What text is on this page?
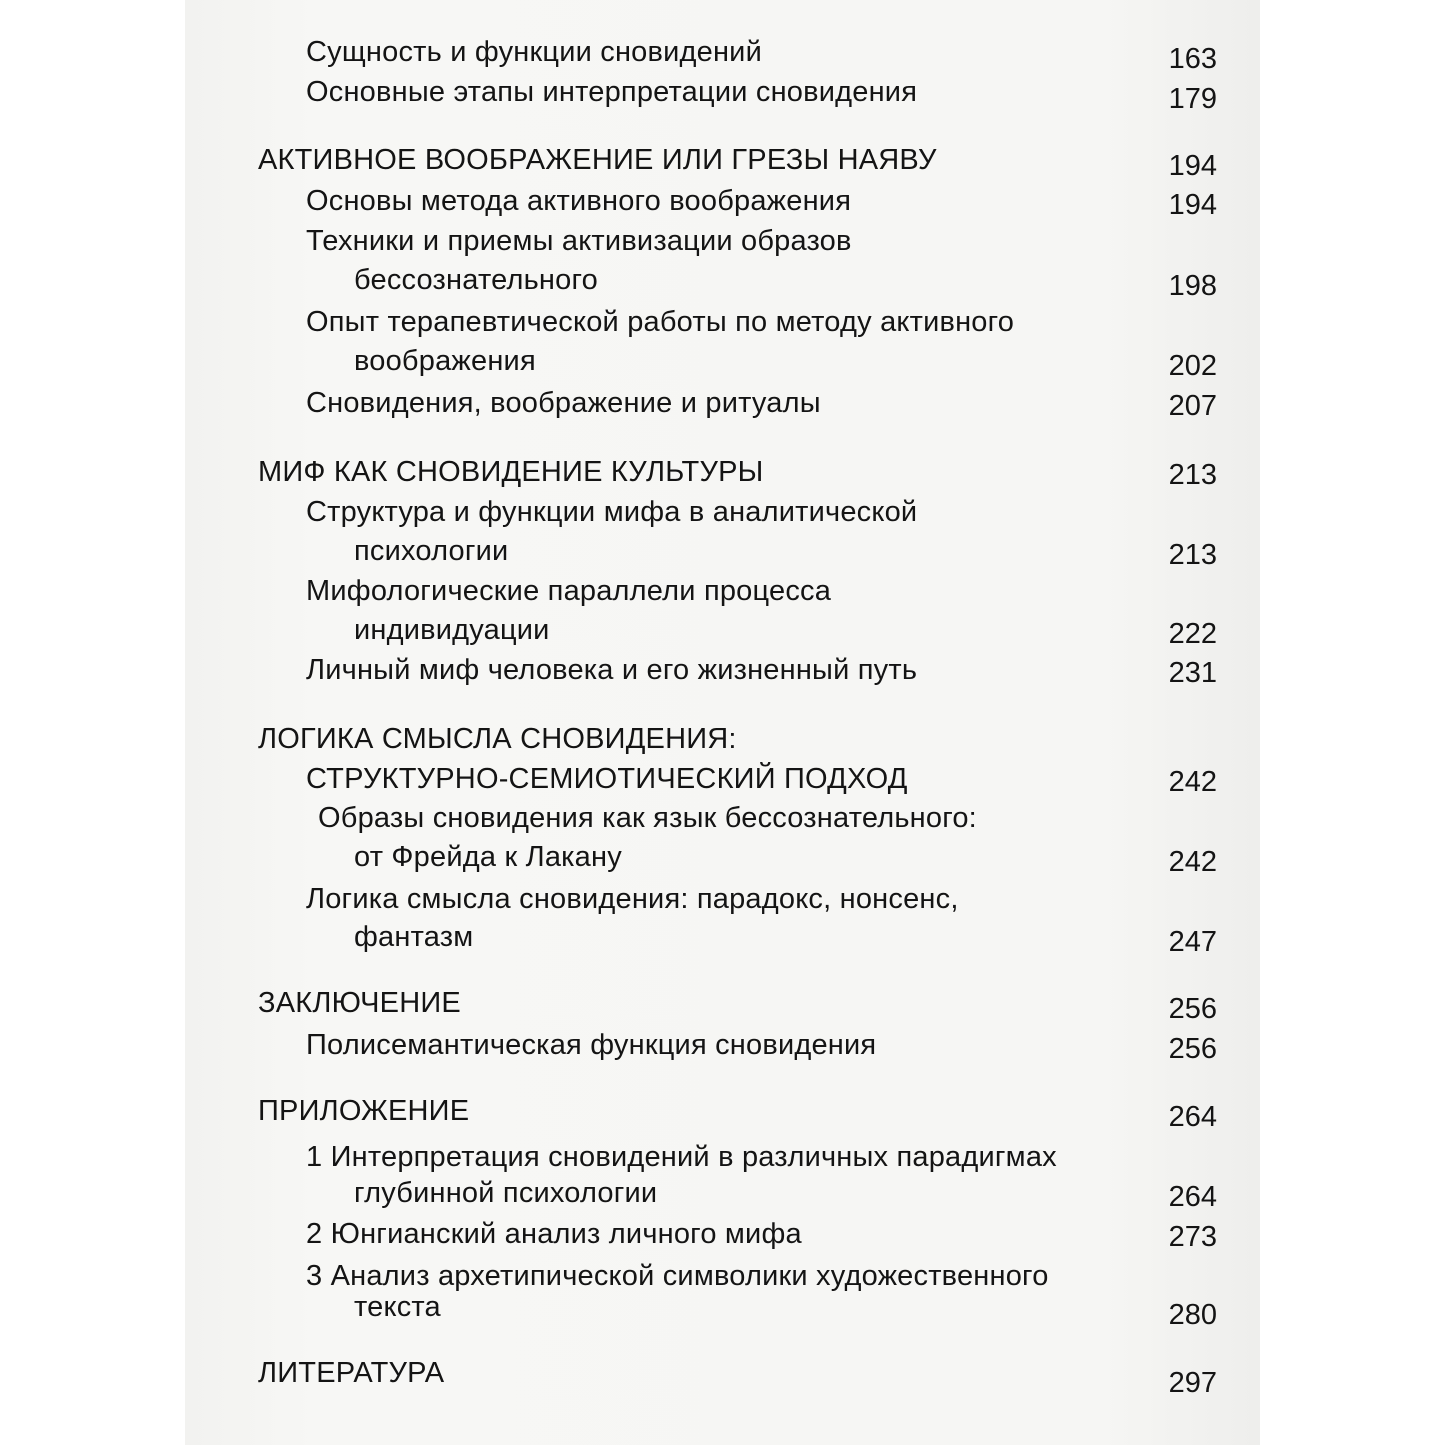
Сущность и функции сновидений	163
Основные этапы интерпретации сновидения	179
АКТИВНОЕ ВООБРАЖЕНИЕ ИЛИ ГРЕЗЫ НАЯВУ	194
Основы метода активного воображения	194
Техники и приемы активизации образов
бессознательного	198
Опыт терапевтической работы по методу активного
воображения	202
Сновидения, воображение и ритуалы	207
МИФ КАК СНОВИДЕНИЕ КУЛЬТУРЫ	213
Структура и функции мифа в аналитической
психологии	213
Мифологические параллели процесса
индивидуации	222
Личный миф человека и его жизненный путь	231
ЛОГИКА СМЫСЛА СНОВИДЕНИЯ:
СТРУКТУРНО-СЕМИОТИЧЕСКИЙ ПОДХОД	242
Образы сновидения как язык бессознательного:
от Фрейда к Лакану	242
Логика смысла сновидения: парадокс, нонсенс,
фантазм	247
ЗАКЛЮЧЕНИЕ	256
Полисемантическая функция сновидения	256
ПРИЛОЖЕНИЕ	264
1 Интерпретация сновидений в различных парадигмах
глубинной психологии	264
2 Юнгианский анализ личного мифа	273
3 Анализ архетипической символики художественного
текста	280
ЛИТЕРАТУРА	297
